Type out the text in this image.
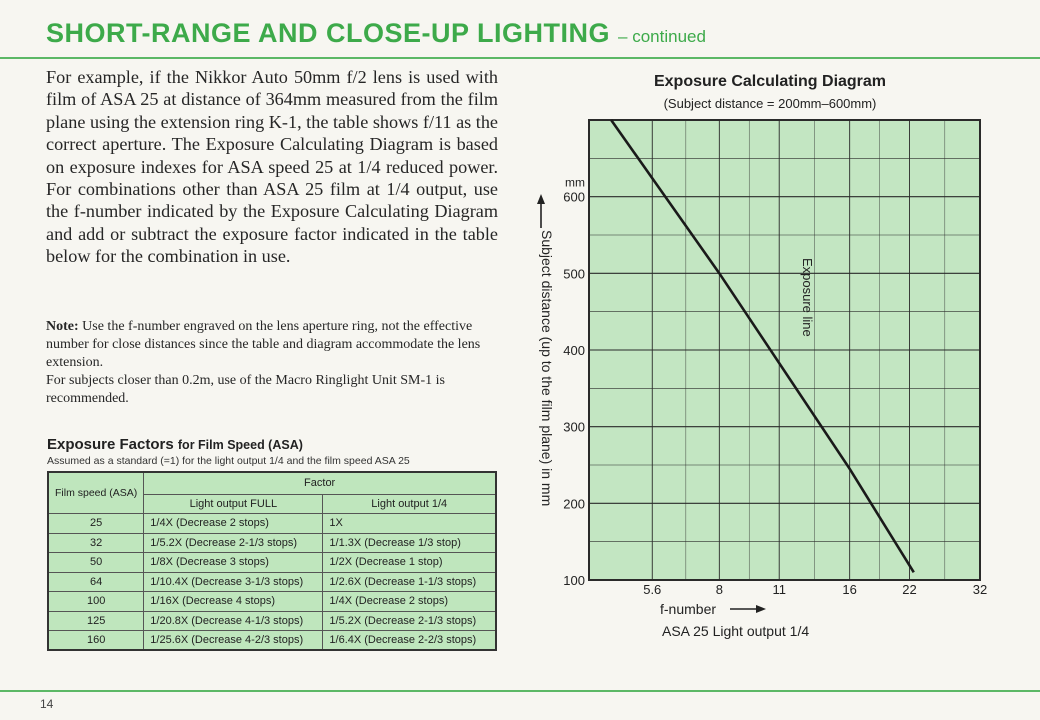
SHORT-RANGE AND CLOSE-UP LIGHTING – continued
For example, if the Nikkor Auto 50mm f/2 lens is used with film of ASA 25 at distance of 364mm measured from the film plane using the extension ring K-1, the table shows f/11 as the correct aperture. The Exposure Calculating Diagram is based on exposure indexes for ASA speed 25 at 1/4 reduced power. For combinations other than ASA 25 film at 1/4 output, use the f-number indicated by the Exposure Calculating Diagram and add or subtract the exposure factor indicated in the table below for the combination in use.
Note: Use the f-number engraved on the lens aperture ring, not the effective number for close distances since the table and diagram accommodate the lens extension.
For subjects closer than 0.2m, use of the Macro Ringlight Unit SM-1 is recommended.
Exposure Factors for Film Speed (ASA)
Assumed as a standard (=1) for the light output 1/4 and the film speed ASA 25
Film speed (ASA)	Factor	
	Light output FULL	Light output 1/4
25	1/4X (Decrease 2 stops)	1X
32	1/5.2X (Decrease 2-1/3 stops)	1/1.3X (Decrease 1/3 stop)
50	1/8X (Decrease 3 stops)	1/2X (Decrease 1 stop)
64	1/10.4X (Decrease 3-1/3 stops)	1/2.6X (Decrease 1-1/3 stops)
100	1/16X (Decrease 4 stops)	1/4X (Decrease 2 stops)
125	1/20.8X (Decrease 4-1/3 stops)	1/5.2X (Decrease 2-1/3 stops)
160	1/25.6X (Decrease 4-2/3 stops)	1/6.4X (Decrease 2-2/3 stops)
Exposure Calculating Diagram
(Subject distance = 200mm–600mm)
5.6	8	11	16	22	32
100
200
300
400
500
600
mm
Exposure line
Subject distance (up to the film plane) in mm
f-number
ASA 25 Light output 1/4
14
